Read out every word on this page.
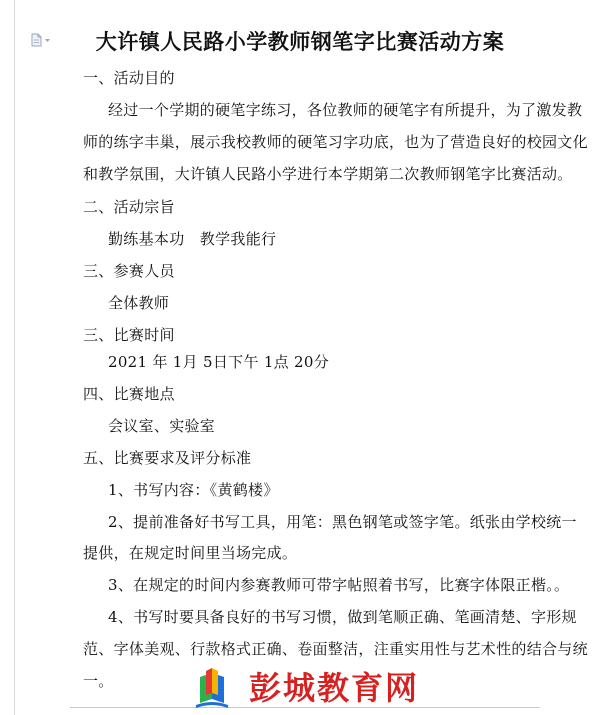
大许镇人民路小学教师钢笔字比赛活动方案
一、活动目的
经过一个学期的硬笔字练习，各位教师的硬笔字有所提升，为了激发教
师的练字丰巢，展示我校教师的硬笔习字功底，也为了营造良好的校园文化
和教学氛围，大许镇人民路小学进行本学期第二次教师钢笔字比赛活动。
二、活动宗旨
勤练基本功　教学我能行
三、参赛人员
全体教师
三、比赛时间
2021 年 1月 5日下午 1点 20分
四、比赛地点
会议室、实验室
五、比赛要求及评分标准
1、书写内容：《黄鹤楼》
2、提前准备好书写工具，用笔：黑色钢笔或签字笔。纸张由学校统一
提供，在规定时间里当场完成。
3、在规定的时间内参赛教师可带字帖照着书写，比赛字体限正楷。。
4、书写时要具备良好的书写习惯，做到笔顺正确、笔画清楚、字形规
范、字体美观、行款格式正确、卷面整洁，注重实用性与艺术性的结合与统
一。	彭城教育网
